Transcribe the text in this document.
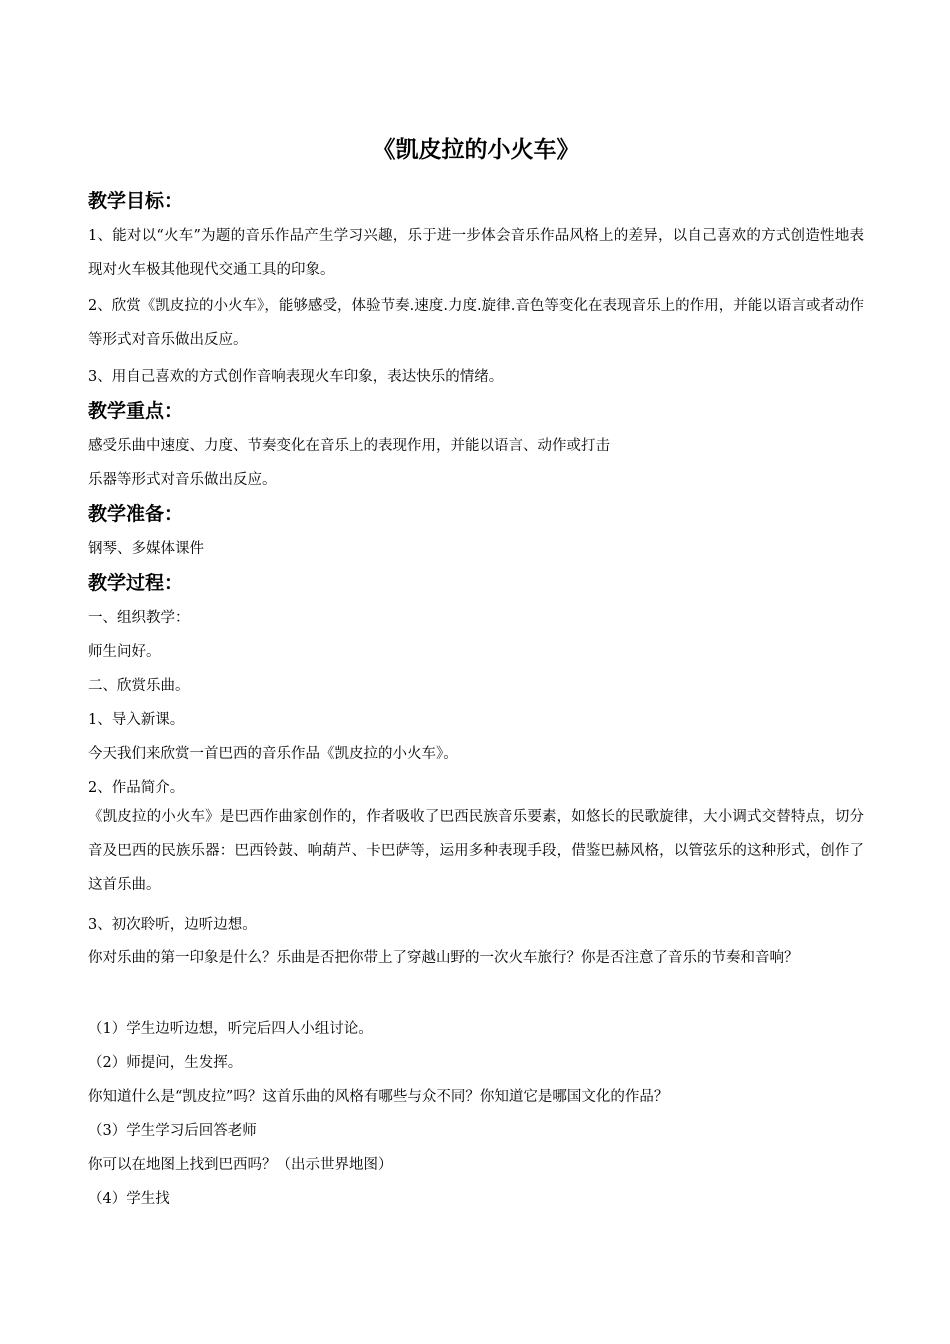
《凯皮拉的小火车》
教学目标：
1、能对以“火车”为题的音乐作品产生学习兴趣，乐于进一步体会音乐作品风格上的差异，以自己喜欢的方式创造性地表现对火车极其他现代交通工具的印象。
2、欣赏《凯皮拉的小火车》，能够感受，体验节奏.速度.力度.旋律.音色等变化在表现音乐上的作用，并能以语言或者动作等形式对音乐做出反应。
3、用自己喜欢的方式创作音响表现火车印象，表达快乐的情绪。
教学重点：
感受乐曲中速度、力度、节奏变化在音乐上的表现作用，并能以语言、动作或打击
乐器等形式对音乐做出反应。
教学准备：
钢琴、多媒体课件
教学过程：
一、组织教学：
师生问好。
二、欣赏乐曲。
1、导入新课。
今天我们来欣赏一首巴西的音乐作品《凯皮拉的小火车》。
2、作品简介。
《凯皮拉的小火车》是巴西作曲家创作的，作者吸收了巴西民族音乐要素，如悠长的民歌旋律，大小调式交替特点，切分音及巴西的民族乐器：巴西铃鼓、响葫芦、卡巴萨等，运用多种表现手段，借鉴巴赫风格，以管弦乐的这种形式，创作了这首乐曲。
3、初次聆听，边听边想。
你对乐曲的第一印象是什么？乐曲是否把你带上了穿越山野的一次火车旅行？你是否注意了音乐的节奏和音响？
（1）学生边听边想，听完后四人小组讨论。
（2）师提问，生发挥。
你知道什么是“凯皮拉”吗？这首乐曲的风格有哪些与众不同？你知道它是哪国文化的作品？
（3）学生学习后回答老师
你可以在地图上找到巴西吗？（出示世界地图）
（4）学生找
